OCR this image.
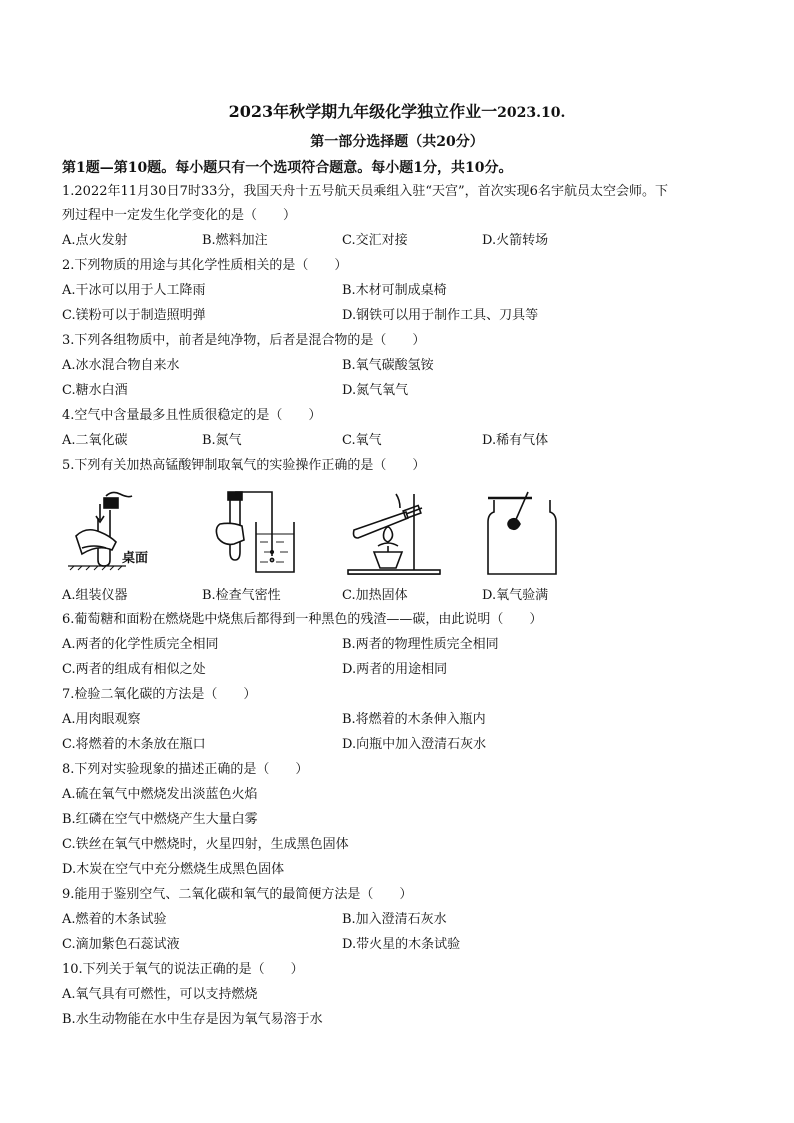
2023年秋学期九年级化学独立作业一2023.10.
第一部分选择题（共20分）
第1题—第10题。每小题只有一个选项符合题意。每小题1分，共10分。
1.2022年11月30日7时33分，我国天舟十五号航天员乘组入驻“天宫”，首次实现6名宇航员太空会师。下
列过程中一定发生化学变化的是（　　）
A.点火发射	B.燃料加注	C.交汇对接	D.火箭转场
2.下列物质的用途与其化学性质相关的是（　　）
A.干冰可以用于人工降雨	B.木材可制成桌椅
C.镁粉可以于制造照明弹	D.钢铁可以用于制作工具、刀具等
3.下列各组物质中，前者是纯净物，后者是混合物的是（　　）
A.冰水混合物自来水	B.氧气碳酸氢铵
C.糖水白酒	D.氮气氧气
4.空气中含量最多且性质很稳定的是（　　）
A.二氧化碳	B.氮气	C.氧气	D.稀有气体
5.下列有关加热高锰酸钾制取氧气的实验操作正确的是（　　）
桌面
A.组装仪器	B.检查气密性	C.加热固体	D.氧气验满
6.葡萄糖和面粉在燃烧匙中烧焦后都得到一种黑色的残渣——碳，由此说明（　　）
A.两者的化学性质完全相同	B.两者的物理性质完全相同
C.两者的组成有相似之处	D.两者的用途相同
7.检验二氧化碳的方法是（　　）
A.用肉眼观察	B.将燃着的木条伸入瓶内
C.将燃着的木条放在瓶口	D.向瓶中加入澄清石灰水
8.下列对实验现象的描述正确的是（　　）
A.硫在氧气中燃烧发出淡蓝色火焰
B.红磷在空气中燃烧产生大量白雾
C.铁丝在氧气中燃烧时，火星四射，生成黑色固体
D.木炭在空气中充分燃烧生成黑色固体
9.能用于鉴别空气、二氧化碳和氧气的最简便方法是（　　）
A.燃着的木条试验	B.加入澄清石灰水
C.滴加紫色石蕊试液	D.带火星的木条试验
10.下列关于氧气的说法正确的是（　　）
A.氧气具有可燃性，可以支持燃烧
B.水生动物能在水中生存是因为氧气易溶于水
